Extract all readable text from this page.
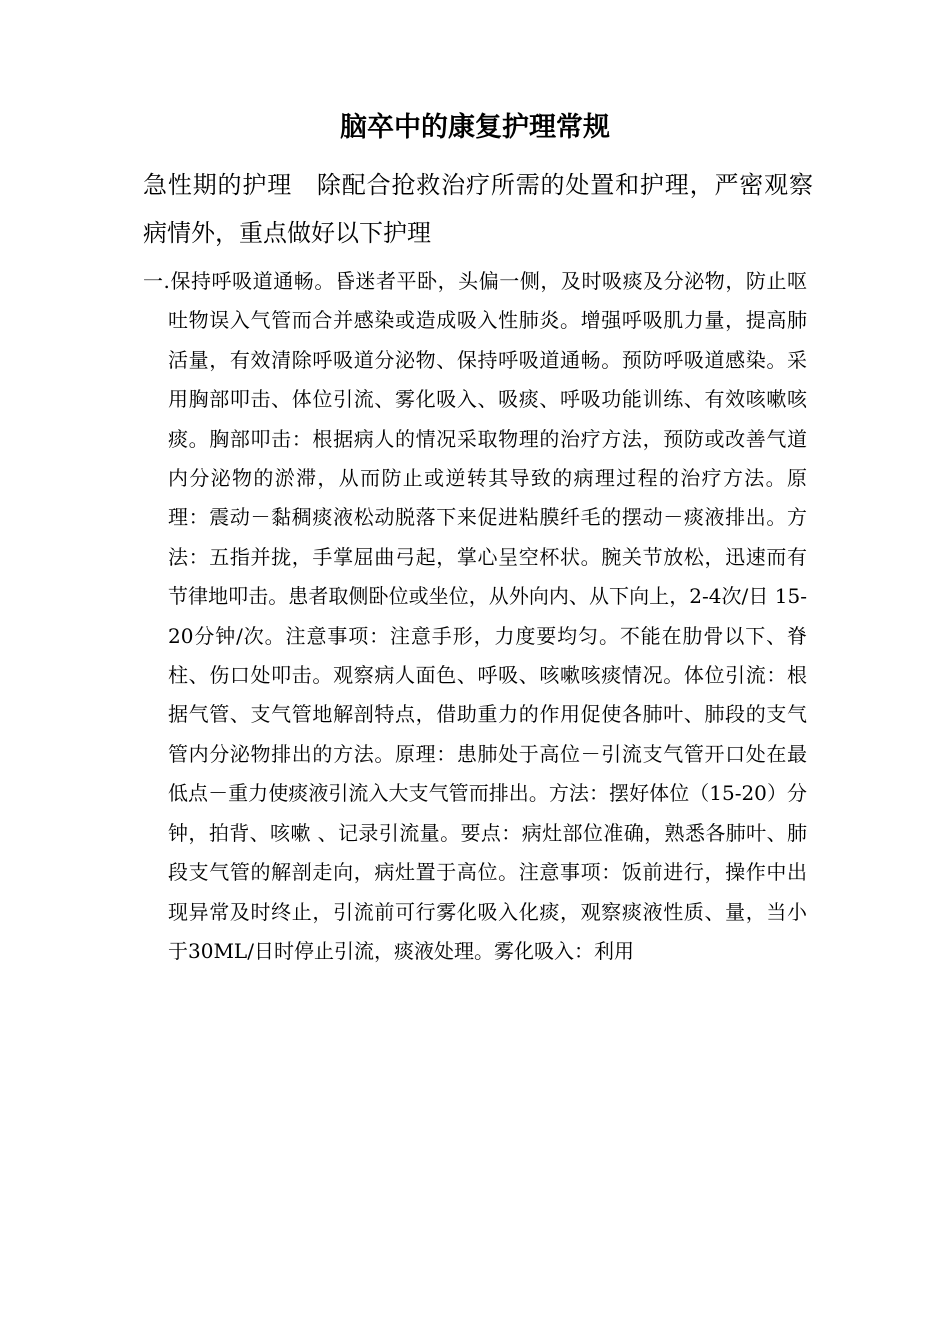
脑卒中的康复护理常规
急性期的护理　除配合抢救治疗所需的处置和护理，严密观察病情外，重点做好以下护理
一.保持呼吸道通畅。昏迷者平卧，头偏一侧，及时吸痰及分泌物，防止呕吐物误入气管而合并感染或造成吸入性肺炎。增强呼吸肌力量，提高肺活量，有效清除呼吸道分泌物、保持呼吸道通畅。预防呼吸道感染。采用胸部叩击、体位引流、雾化吸入、吸痰、呼吸功能训练、有效咳嗽咳痰。胸部叩击：根据病人的情况采取物理的治疗方法，预防或改善气道内分泌物的淤滞，从而防止或逆转其导致的病理过程的治疗方法。原理：震动－黏稠痰液松动脱落下来促进粘膜纤毛的摆动－痰液排出。方法：五指并拢，手掌屈曲弓起，掌心呈空杯状。腕关节放松，迅速而有节律地叩击。患者取侧卧位或坐位，从外向内、从下向上，2-4次/日 15-20分钟/次。注意事项：注意手形，力度要均匀。不能在肋骨以下、脊柱、伤口处叩击。观察病人面色、呼吸、咳嗽咳痰情况。体位引流：根据气管、支气管地解剖特点，借助重力的作用促使各肺叶、肺段的支气管内分泌物排出的方法。原理：患肺处于高位－引流支气管开口处在最低点－重力使痰液引流入大支气管而排出。方法：摆好体位（15-20）分钟，拍背、咳嗽 、记录引流量。要点：病灶部位准确，熟悉各肺叶、肺段支气管的解剖走向，病灶置于高位。注意事项：饭前进行，操作中出现异常及时终止，引流前可行雾化吸入化痰，观察痰液性质、量，当小于30ML/日时停止引流，痰液处理。雾化吸入：利用
